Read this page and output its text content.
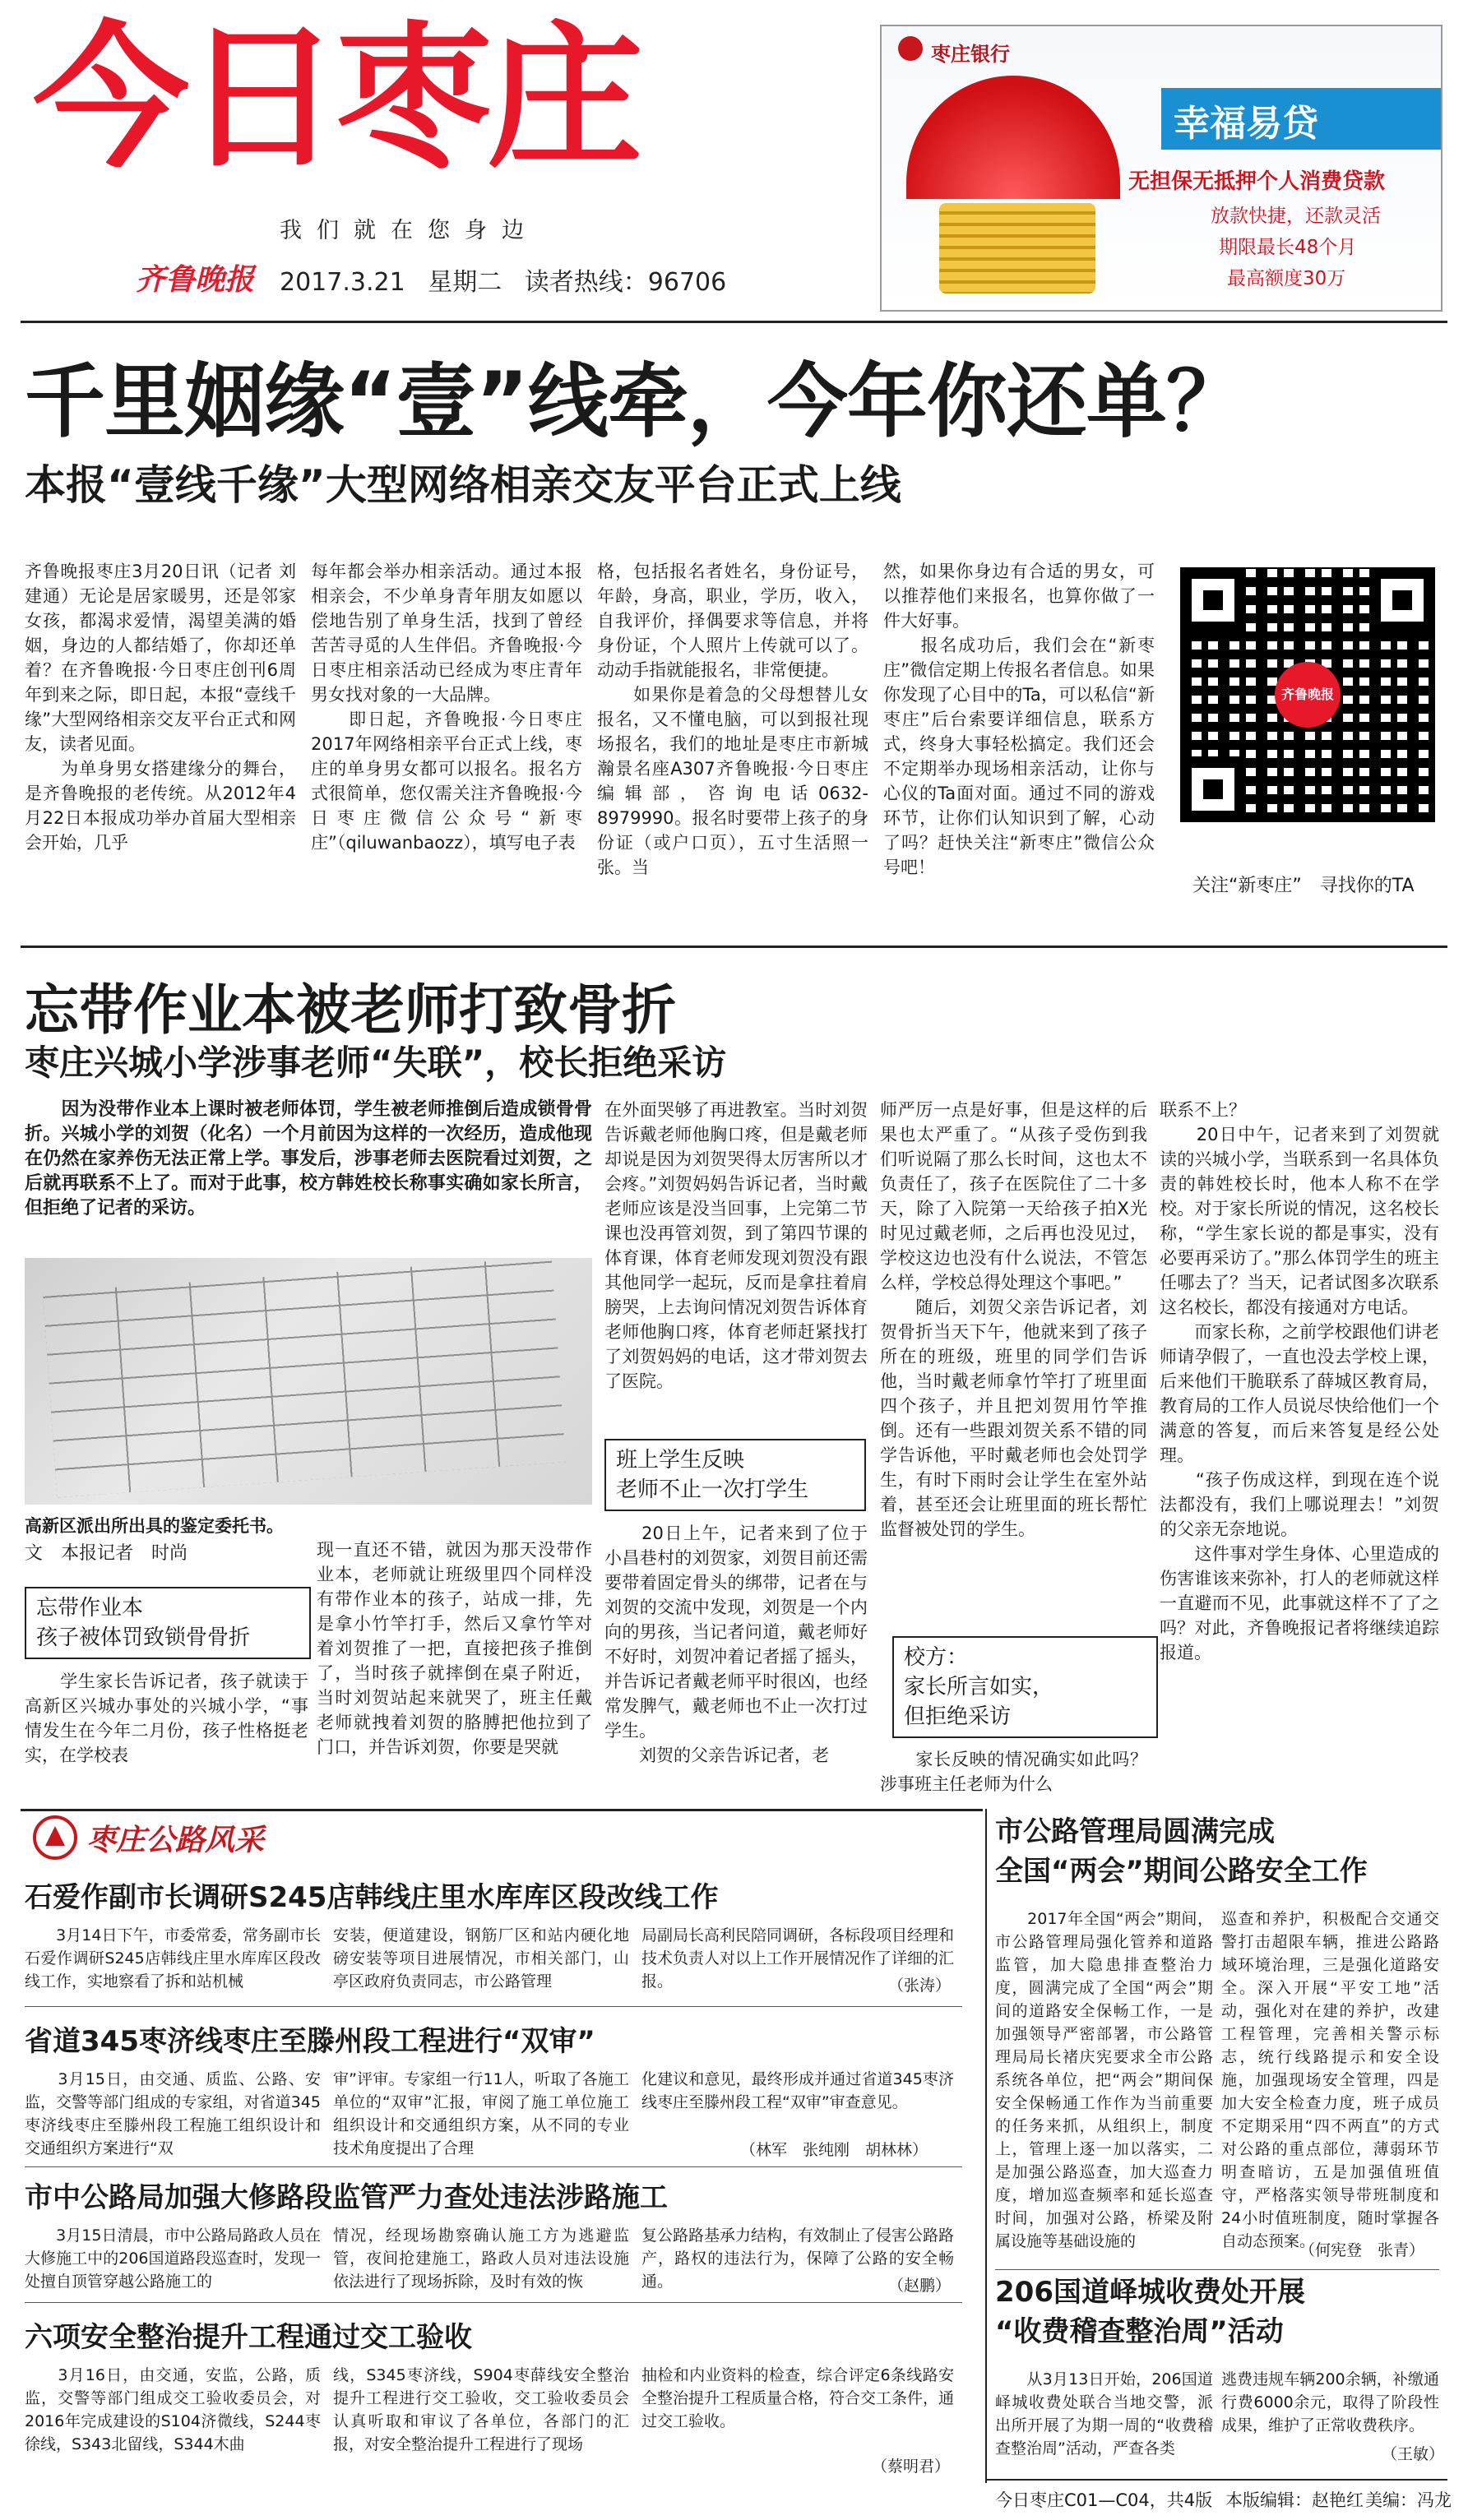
今日枣庄
我们就在您身边
齐鲁晚报 2017.3.21 星期二 读者热线：96706
枣庄银行
幸福易贷
无担保无抵押个人消费贷款
放款快捷，还款灵活
期限最长48个月
最高额度30万
千里姻缘“壹”线牵，今年你还单？
本报“壹线千缘”大型网络相亲交友平台正式上线
齐鲁晚报枣庄3月20日讯（记者 刘建通）无论是居家暖男，还是邻家女孩，都渴求爱情，渴望美满的婚姻，身边的人都结婚了，你却还单着？在齐鲁晚报·今日枣庄创刊6周年到来之际，即日起，本报“壹线千缘”大型网络相亲交友平台正式和网友，读者见面。
　　为单身男女搭建缘分的舞台，是齐鲁晚报的老传统。从2012年4月22日本报成功举办首届大型相亲会开始，几乎
每年都会举办相亲活动。通过本报相亲会，不少单身青年朋友如愿以偿地告别了单身生活，找到了曾经苦苦寻觅的人生伴侣。齐鲁晚报·今日枣庄相亲活动已经成为枣庄青年男女找对象的一大品牌。
　　即日起，齐鲁晚报·今日枣庄2017年网络相亲平台正式上线，枣庄的单身男女都可以报名。报名方式很简单，您仅需关注齐鲁晚报·今日枣庄微信公众号“新枣庄”（qiluwanbaozz），填写电子表
格，包括报名者姓名，身份证号，年龄，身高，职业，学历，收入，自我评价，择偶要求等信息，并将身份证，个人照片上传就可以了。动动手指就能报名，非常便捷。
　　如果你是着急的父母想替儿女报名，又不懂电脑，可以到报社现场报名，我们的地址是枣庄市新城瀚景名座A307齐鲁晚报·今日枣庄编辑部，咨询电话0632-8979990。报名时要带上孩子的身份证（或户口页），五寸生活照一张。当
然，如果你身边有合适的男女，可以推荐他们来报名，也算你做了一件大好事。
　　报名成功后，我们会在“新枣庄”微信定期上传报名者信息。如果你发现了心目中的Ta，可以私信“新枣庄”后台索要详细信息，联系方式，终身大事轻松搞定。我们还会不定期举办现场相亲活动，让你与心仪的Ta面对面。通过不同的游戏环节，让你们认知识到了解，心动了吗？赶快关注“新枣庄”微信公众号吧！
齐鲁晚报
关注“新枣庄”　寻找你的TA
忘带作业本被老师打致骨折
枣庄兴城小学涉事老师“失联”，校长拒绝采访
　　因为没带作业本上课时被老师体罚，学生被老师推倒后造成锁骨骨折。兴城小学的刘贺（化名）一个月前因为这样的一次经历，造成他现在仍然在家养伤无法正常上学。事发后，涉事老师去医院看过刘贺，之后就再联系不上了。而对于此事，校方韩姓校长称事实确如家长所言，但拒绝了记者的采访。
高新区派出所出具的鉴定委托书。
文　本报记者　时尚
忘带作业本
孩子被体罚致锁骨骨折
　　学生家长告诉记者，孩子就读于高新区兴城办事处的兴城小学，“事情发生在今年二月份，孩子性格挺老实，在学校表
现一直还不错，就因为那天没带作业本，老师就让班级里四个同样没有带作业本的孩子，站成一排，先是拿小竹竿打手，然后又拿竹竿对着刘贺推了一把，直接把孩子推倒了，当时孩子就摔倒在桌子附近，当时刘贺站起来就哭了，班主任戴老师就拽着刘贺的胳膊把他拉到了门口，并告诉刘贺，你要是哭就
在外面哭够了再进教室。当时刘贺告诉戴老师他胸口疼，但是戴老师却说是因为刘贺哭得太厉害所以才会疼。”刘贺妈妈告诉记者，当时戴老师应该是没当回事，上完第二节课也没再管刘贺，到了第四节课的体育课，体育老师发现刘贺没有跟其他同学一起玩，反而是拿拄着肩膀哭，上去询问情况刘贺告诉体育老师他胸口疼，体育老师赶紧找打了刘贺妈妈的电话，这才带刘贺去了医院。
班上学生反映
老师不止一次打学生
　　20日上午，记者来到了位于小昌巷村的刘贺家，刘贺目前还需要带着固定骨头的绑带，记者在与刘贺的交流中发现，刘贺是一个内向的男孩，当记者问道，戴老师好不好时，刘贺冲着记者摇了摇头，并告诉记者戴老师平时很凶，也经常发脾气，戴老师也不止一次打过学生。
　　刘贺的父亲告诉记者，老
师严厉一点是好事，但是这样的后果也太严重了。“从孩子受伤到我们听说隔了那么长时间，这也太不负责任了，孩子在医院住了二十多天，除了入院第一天给孩子拍X光时见过戴老师，之后再也没见过，学校这边也没有什么说法，不管怎么样，学校总得处理这个事吧。”
　　随后，刘贺父亲告诉记者，刘贺骨折当天下午，他就来到了孩子所在的班级，班里的同学们告诉他，当时戴老师拿竹竿打了班里面四个孩子，并且把刘贺用竹竿推倒。还有一些跟刘贺关系不错的同学告诉他，平时戴老师也会处罚学生，有时下雨时会让学生在室外站着，甚至还会让班里面的班长帮忙监督被处罚的学生。
校方：
家长所言如实，
但拒绝采访
　　家长反映的情况确实如此吗？涉事班主任老师为什么
联系不上？
　　20日中午，记者来到了刘贺就读的兴城小学，当联系到一名具体负责的韩姓校长时，他本人称不在学校。对于家长所说的情况，这名校长称，“学生家长说的都是事实，没有必要再采访了。”那么体罚学生的班主任哪去了？当天，记者试图多次联系这名校长，都没有接通对方电话。
　　而家长称，之前学校跟他们讲老师请孕假了，一直也没去学校上课，后来他们干脆联系了薛城区教育局，教育局的工作人员说尽快给他们一个满意的答复，而后来答复是经公处理。
　　“孩子伤成这样，到现在连个说法都没有，我们上哪说理去！”刘贺的父亲无奈地说。
　　这件事对学生身体、心里造成的伤害谁该来弥补，打人的老师就这样一直避而不见，此事就这样不了了之吗？对此，齐鲁晚报记者将继续追踪报道。
枣庄公路风采
石爱作副市长调研S245店韩线庄里水库库区段改线工作
　　3月14日下午，市委常委，常务副市长石爱作调研S245店韩线庄里水库库区段改线工作，实地察看了拆和站机械
安装，便道建设，钢筋厂区和站内硬化地磅安装等项目进展情况，市相关部门，山亭区政府负责同志，市公路管理
局副局长高利民陪同调研，各标段项目经理和技术负责人对以上工作开展情况作了详细的汇报。	（张涛）
省道345枣济线枣庄至滕州段工程进行“双审”
　　3月15日，由交通、质监、公路、安监，交警等部门组成的专家组，对省道345枣济线枣庄至滕州段工程施工组织设计和交通组织方案进行“双
审”评审。专家组一行11人，听取了各施工单位的“双审”汇报，审阅了施工单位施工组织设计和交通组织方案，从不同的专业技术角度提出了合理
化建议和意见，最终形成并通过省道345枣济线枣庄至滕州段工程“双审”审查意见。
（林军　张纯刚　胡林林）
市中公路局加强大修路段监管严力查处违法涉路施工
　　3月15日清晨，市中公路局路政人员在大修施工中的206国道路段巡查时，发现一处擅自顶管穿越公路施工的
情况，经现场勘察确认施工方为逃避监管，夜间抢建施工，路政人员对违法设施依法进行了现场拆除，及时有效的恢
复公路路基承力结构，有效制止了侵害公路路产，路权的违法行为，保障了公路的安全畅通。	（赵鹏）
六项安全整治提升工程通过交工验收
　　3月16日，由交通，安监，公路，质监，交警等部门组成交工验收委员会，对2016年完成建设的S104济微线，S244枣徐线，S343北留线，S344木曲
线，S345枣济线，S904枣薛线安全整治提升工程进行交工验收，交工验收委员会认真听取和审议了各单位，各部门的汇报，对安全整治提升工程进行了现场
抽检和内业资料的检查，综合评定6条线路安全整治提升工程质量合格，符合交工条件，通过交工验收。
（蔡明君）
市公路管理局圆满完成
全国“两会”期间公路安全工作
　　2017年全国“两会”期间，市公路管理局强化管养和道路监管，加大隐患排查整治力度，圆满完成了全国“两会”期间的道路安全保畅工作，一是加强领导严密部署，市公路管理局局长褚庆宪要求全市公路系统各单位，把“两会”期间保安全保畅通工作作为当前重要的任务来抓，从组织上，制度上，管理上逐一加以落实，二是加强公路巡查，加大巡查力度，增加巡查频率和延长巡查时间，加强对公路，桥梁及附属设施等基础设施的
巡查和养护，积极配合交通交警打击超限车辆，推进公路路域环境治理，三是强化道路安全。深入开展“平安工地”活动，强化对在建的养护，改建工程管理，完善相关警示标志，统行线路提示和安全设施，加强现场安全管理，四是加大安全检查力度，班子成员不定期采用“四不两直”的方式对公路的重点部位，薄弱环节明查暗访，五是加强值班值守，严格落实领导带班制度和24小时值班制度，随时掌握各自动态预案。
（何宪登　张青）
206国道峄城收费处开展
“收费稽查整治周”活动
　　从3月13日开始，206国道峄城收费处联合当地交警，派出所开展了为期一周的“收费稽查整治周”活动，严查各类
逃费违规车辆200余辆，补缴通行费6000余元，取得了阶段性成果，维护了正常收费秩序。
（王敏）
今日枣庄C01—C04，共4版 本版编辑：赵艳红 美编：冯龙
